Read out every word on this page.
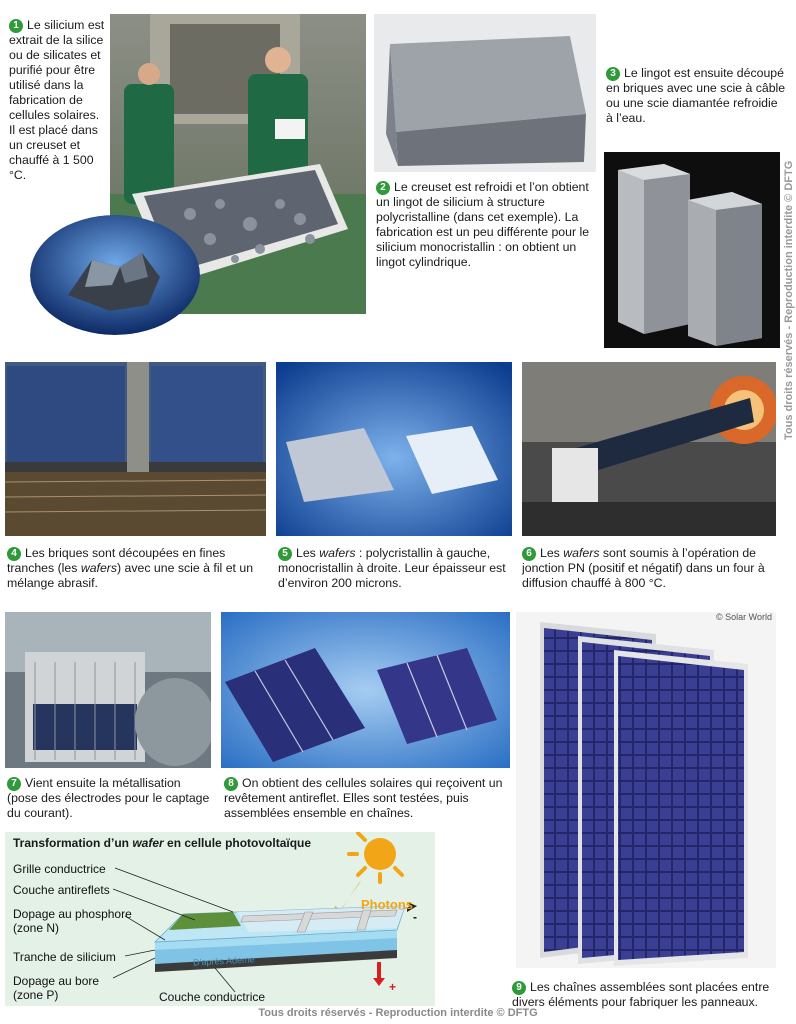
1 Le silicium est extrait de la silice ou de silicates et purifié pour être utilisé dans la fabrication de cellules solaires. Il est placé dans un creuset et chauffé à 1 500 °C.
2 Le creuset est refroidi et l’on obtient un lingot de silicium à structure polycristalline (dans cet exemple). La fabrication est un peu différente pour le silicium monocristallin : on obtient un lingot cylindrique.
3 Le lingot est ensuite découpé en briques avec une scie à câble ou une scie diamantée refroidie à l’eau.
4 Les briques sont découpées en fines tranches (les wafers) avec une scie à fil et un mélange abrasif.
5 Les wafers : polycristallin à gauche, monocristallin à droite. Leur épaisseur est d’environ 200 microns.
6 Les wafers sont soumis à l’opération de jonction PN (positif et négatif) dans un four à diffusion chauffé à 800 °C.
7 Vient ensuite la métallisation (pose des électrodes pour le captage du courant).
8 On obtient des cellules solaires qui reçoivent un revêtement antireflet. Elles sont testées, puis assemblées ensemble en chaînes.
© Solar World
9 Les chaînes assemblées sont placées entre divers éléments pour fabriquer les panneaux.
Transformation d’un wafer en cellule photovoltaïque
Grille conductrice
Couche antireflets
Dopage au phosphore
(zone N)
Tranche de silicium
Dopage au bore
(zone P)	Couche conductrice
Photons
D’après Ademe
-
+
Tous droits réservés - Reproduction interdite © DFTG
Tous droits réservés - Reproduction interdite © DFTG
